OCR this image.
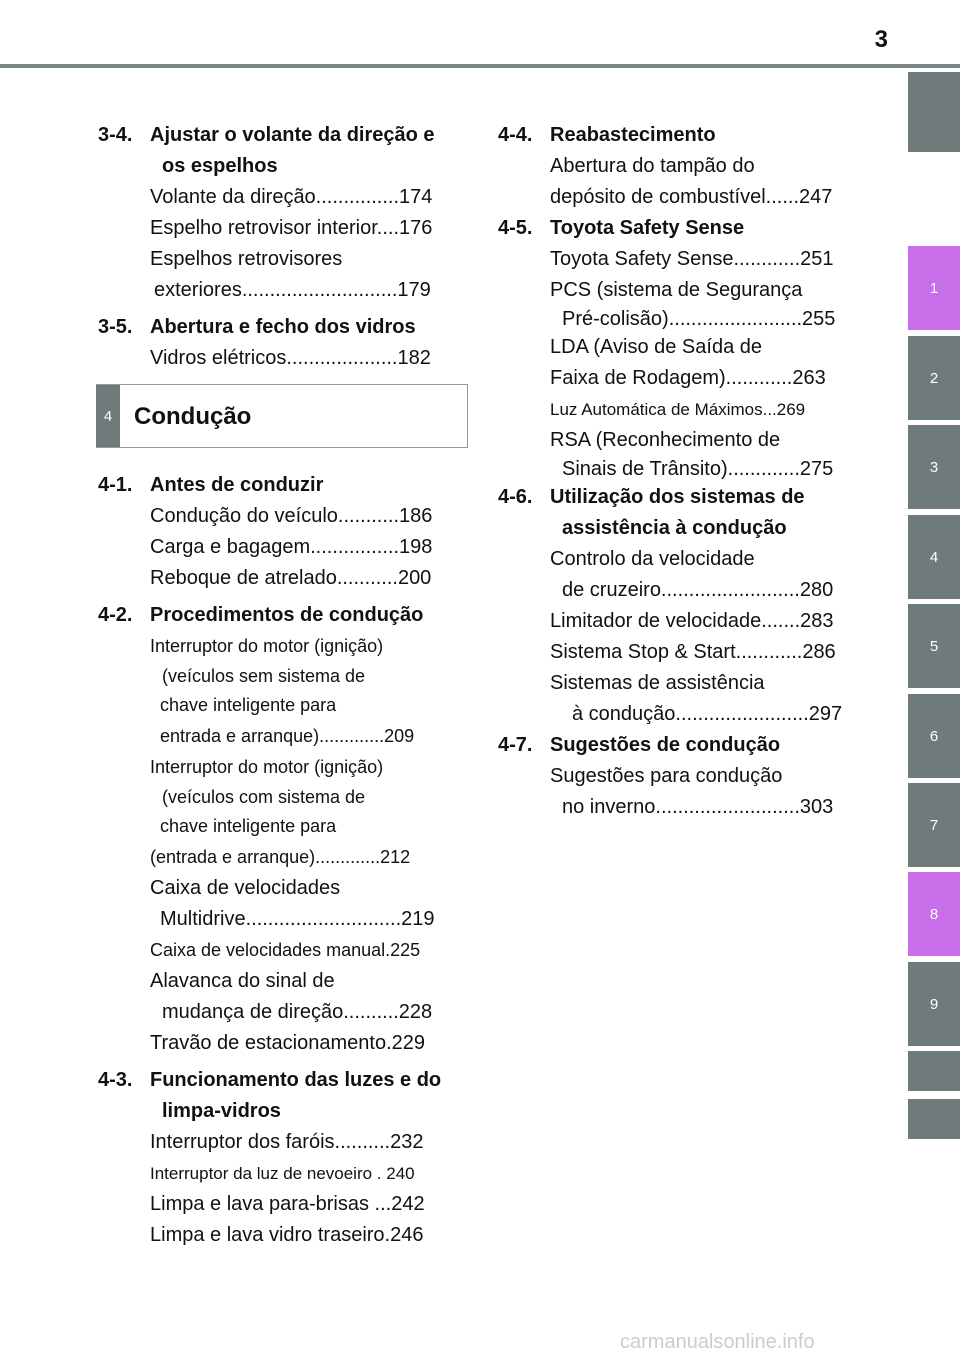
3
1
2
3
4
5
6
7
8
9
3-4. Ajustar o volante da direção e
os espelhos
Volante da direção...............174
Espelho retrovisor interior....176
Espelhos retrovisores
exteriores............................179
3-5. Abertura e fecho dos vidros
Vidros elétricos....................182
4 Condução
4-1. Antes de conduzir
Condução do veículo...........186
Carga e bagagem................198
Reboque de atrelado...........200
4-2. Procedimentos de condução
Interruptor do motor (ignição)
(veículos sem sistema de
chave inteligente para
entrada e arranque).............209
Interruptor do motor (ignição)
(veículos com sistema de
chave inteligente para
(entrada e arranque).............212
Caixa de velocidades
Multidrive............................219
Caixa de velocidades manual.225
Alavanca do sinal de
mudança de direção..........228
Travão de estacionamento.229
4-3. Funcionamento das luzes e do
limpa-vidros
Interruptor dos faróis..........232
Interruptor da luz de nevoeiro . 240
Limpa e lava para-brisas ...242
Limpa e lava vidro traseiro.246
4-4. Reabastecimento
Abertura do tampão do
depósito de combustível......247
4-5. Toyota Safety Sense
Toyota Safety Sense............251
PCS (sistema de Segurança
Pré-colisão)........................255
LDA (Aviso de Saída de
Faixa de Rodagem)............263
Luz Automática de Máximos...269
RSA (Reconhecimento de
Sinais de Trânsito).............275
4-6. Utilização dos sistemas de
assistência à condução
Controlo da velocidade
de cruzeiro.........................280
Limitador de velocidade.......283
Sistema Stop & Start............286
Sistemas de assistência
à condução........................297
4-7. Sugestões de condução
Sugestões para condução
no inverno..........................303
carmanualsonline.info
